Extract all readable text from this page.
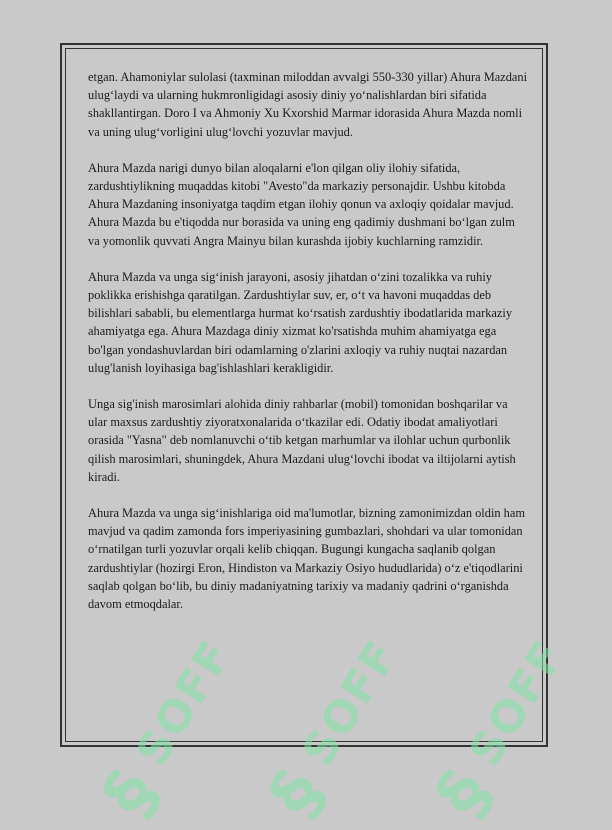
§ SOFF
§ SOFF
§ SOFF

etgan. Ahamoniylar sulolasi (taxminan miloddan avvalgi 550-330 yillar) Ahura Mazdani ulug‘laydi va ularning hukmronligidagi asosiy diniy yo‘nalishlardan biri sifatida shakllantirgan. Doro I va Ahmoniy Xu Kxorshid Marmar idorasida Ahura Mazda nomli va uning ulug‘vorligini ulug‘lovchi yozuvlar mavjud.

Ahura Mazda narigi dunyo bilan aloqalarni e'lon qilgan oliy ilohiy sifatida, zardushtiylikning muqaddas kitobi "Avesto"da markaziy personajdir. Ushbu kitobda Ahura Mazdaning insoniyatga taqdim etgan ilohiy qonun va axloqiy qoidalar mavjud. Ahura Mazda bu e'tiqodda nur borasida va uning eng qadimiy dushmani bo‘lgan zulm va yomonlik quvvati Angra Mainyu bilan kurashda ijobiy kuchlarning ramzidir.

Ahura Mazda va unga sig‘inish jarayoni, asosiy jihatdan o‘zini tozalikka va ruhiy poklikka erishishga qaratilgan. Zardushtiylar suv, er, o‘t va havoni muqaddas deb bilishlari sababli, bu elementlarga hurmat ko‘rsatish zardushtiy ibodatlarida markaziy ahamiyatga ega. Ahura Mazdaga diniy xizmat ko'rsatishda muhim ahamiyatga ega bo'lgan yondashuvlardan biri odamlarning o'zlarini axloqiy va ruhiy nuqtai nazardan ulug'lanish loyihasiga bag'ishlashlari kerakligidir.

Unga sig'inish marosimlari alohida diniy rahbarlar (mobil) tomonidan boshqarilar va ular maxsus zardushtiy ziyoratxonalarida o‘tkazilar edi. Odatiy ibodat amaliyotlari orasida "Yasna" deb nomlanuvchi o‘tib ketgan marhumlar va ilohlar uchun qurbonlik qilish marosimlari, shuningdek, Ahura Mazdani ulug‘lovchi ibodat va iltijolarni aytish kiradi.

Ahura Mazda va unga sig‘inishlariga oid ma'lumotlar, bizning zamonimizdan oldin ham mavjud va qadim zamonda fors imperiyasining gumbazlari, shohdari va ular tomonidan o‘rnatilgan turli yozuvlar orqali kelib chiqqan. Bugungi kungacha saqlanib qolgan zardushtiylar (hozirgi Eron, Hindiston va Markaziy Osiyo hududlarida) o‘z e'tiqodlarini saqlab qolgan bo‘lib, bu diniy madaniyatning tarixiy va madaniy qadrini o‘rganishda davom etmoqdalar.
